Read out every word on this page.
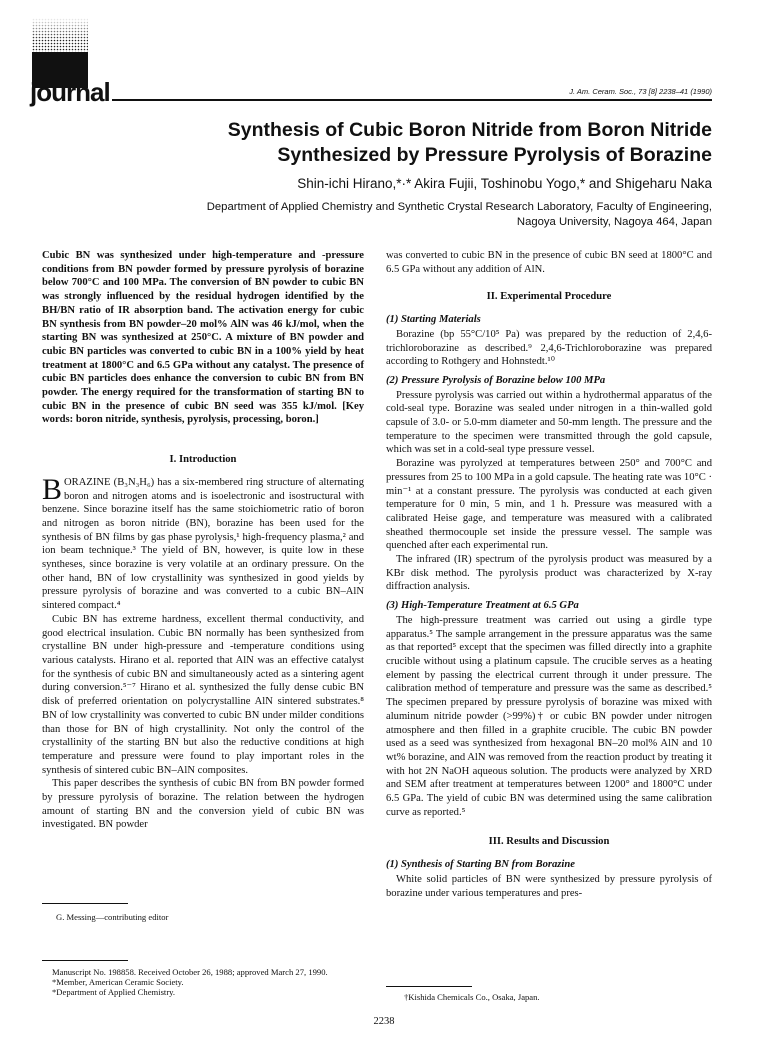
journal	J. Am. Ceram. Soc., 73 [8] 2238–41 (1990)
Synthesis of Cubic Boron Nitride from Boron Nitride
Synthesized by Pressure Pyrolysis of Borazine
Shin-ichi Hirano,*·* Akira Fujii, Toshinobu Yogo,* and Shigeharu Naka
Department of Applied Chemistry and Synthetic Crystal Research Laboratory, Faculty of Engineering,
Nagoya University, Nagoya 464, Japan

Cubic BN was synthesized under high-temperature and -pressure conditions from BN powder formed by pressure pyrolysis of borazine below 700°C and 100 MPa. The conversion of BN powder to cubic BN was strongly influenced by the residual hydrogen identified by the BH/BN ratio of IR absorption band. The activation energy for cubic BN synthesis from BN powder–20 mol% AlN was 46 kJ/mol, when the starting BN was synthesized at 250°C. A mixture of BN powder and cubic BN particles was converted to cubic BN in a 100% yield by heat treatment at 1800°C and 6.5 GPa without any catalyst. The presence of cubic BN particles does enhance the conversion to cubic BN from BN powder. The energy required for the transformation of starting BN to cubic BN in the presence of cubic BN seed was 355 kJ/mol. [Key words: boron nitride, synthesis, pyrolysis, processing, boron.]

I. Introduction

BORAZINE (B₃N₃H₆) has a six-membered ring structure of alternating boron and nitrogen atoms and is isoelectronic and isostructural with benzene. Since borazine itself has the same stoichiometric ratio of boron and nitrogen as boron nitride (BN), borazine has been used for the synthesis of BN films by gas phase pyrolysis,¹ high-frequency plasma,² and ion beam technique.³ The yield of BN, however, is quite low in these syntheses, since borazine is very volatile at an ordinary pressure. On the other hand, BN of low crystallinity was synthesized in good yields by pressure pyrolysis of borazine and was converted to a cubic BN–AlN sintered compact.⁴

Cubic BN has extreme hardness, excellent thermal conductivity, and good electrical insulation. Cubic BN normally has been synthesized from crystalline BN under high-pressure and -temperature conditions using various catalysts. Hirano et al. reported that AlN was an effective catalyst for the synthesis of cubic BN and simultaneously acted as a sintering agent during conversion.⁵⁻⁷ Hirano et al. synthesized the fully dense cubic BN disk of preferred orientation on polycrystalline AlN sintered substrates.⁸ BN of low crystallinity was converted to cubic BN under milder conditions than those for BN of high crystallinity. Not only the control of the crystallinity of the starting BN but also the reductive conditions at high temperature and pressure were found to play important roles in the synthesis of sintered cubic BN–AlN composites.

This paper describes the synthesis of cubic BN from BN powder formed by pressure pyrolysis of borazine. The relation between the hydrogen amount of starting BN and the conversion yield of cubic BN was investigated. BN powder

was converted to cubic BN in the presence of cubic BN seed at 1800°C and 6.5 GPa without any addition of AlN.

II. Experimental Procedure
(1) Starting Materials

Borazine (bp 55°C/10⁵ Pa) was prepared by the reduction of 2,4,6-trichloroborazine as described.⁹ 2,4,6-Trichloroborazine was prepared according to Rothgery and Hohnstedt.¹⁰

(2) Pressure Pyrolysis of Borazine below 100 MPa

Pressure pyrolysis was carried out within a hydrothermal apparatus of the cold-seal type. Borazine was sealed under nitrogen in a thin-walled gold capsule of 3.0- or 5.0-mm diameter and 50-mm length. The pressure and the temperature to the specimen were transmitted through the gold capsule, which was set in a cold-seal type pressure vessel.

Borazine was pyrolyzed at temperatures between 250° and 700°C and pressures from 25 to 100 MPa in a gold capsule. The heating rate was 10°C · min⁻¹ at a constant pressure. The pyrolysis was conducted at each given temperature for 0 min, 5 min, and 1 h. Pressure was measured with a calibrated Heise gage, and temperature was measured with a calibrated sheathed thermocouple set inside the pressure vessel. The sample was quenched after each experimental run.

The infrared (IR) spectrum of the pyrolysis product was measured by a KBr disk method. The pyrolysis product was characterized by X-ray diffraction analysis.

(3) High-Temperature Treatment at 6.5 GPa

The high-pressure treatment was carried out using a girdle type apparatus.⁵ The sample arrangement in the pressure apparatus was the same as that reported⁵ except that the specimen was filled directly into a graphite crucible without using a platinum capsule. The crucible serves as a heating element by passing the electrical current through it under pressure. The calibration method of temperature and pressure was the same as described.⁵ The specimen prepared by pressure pyrolysis of borazine was mixed with aluminum nitride powder (>99%)† or cubic BN powder under nitrogen atmosphere and then filled in a graphite crucible. The cubic BN powder used as a seed was synthesized from hexagonal BN–20 mol% AlN and 10 wt% borazine, and AlN was removed from the reaction product by treating it with hot 2N NaOH aqueous solution. The products were analyzed by XRD and SEM after treatment at temperatures between 1200° and 1800°C under 6.5 GPa. The yield of cubic BN was determined using the same calibration curve as reported.⁵

III. Results and Discussion
(1) Synthesis of Starting BN from Borazine

White solid particles of BN were synthesized by pressure pyrolysis of borazine under various temperatures and pres-

G. Messing—contributing editor
Manuscript No. 198858. Received October 26, 1988; approved March 27, 1990.
*Member, American Ceramic Society.
*Department of Applied Chemistry.	†Kishida Chemicals Co., Osaka, Japan.
2238
